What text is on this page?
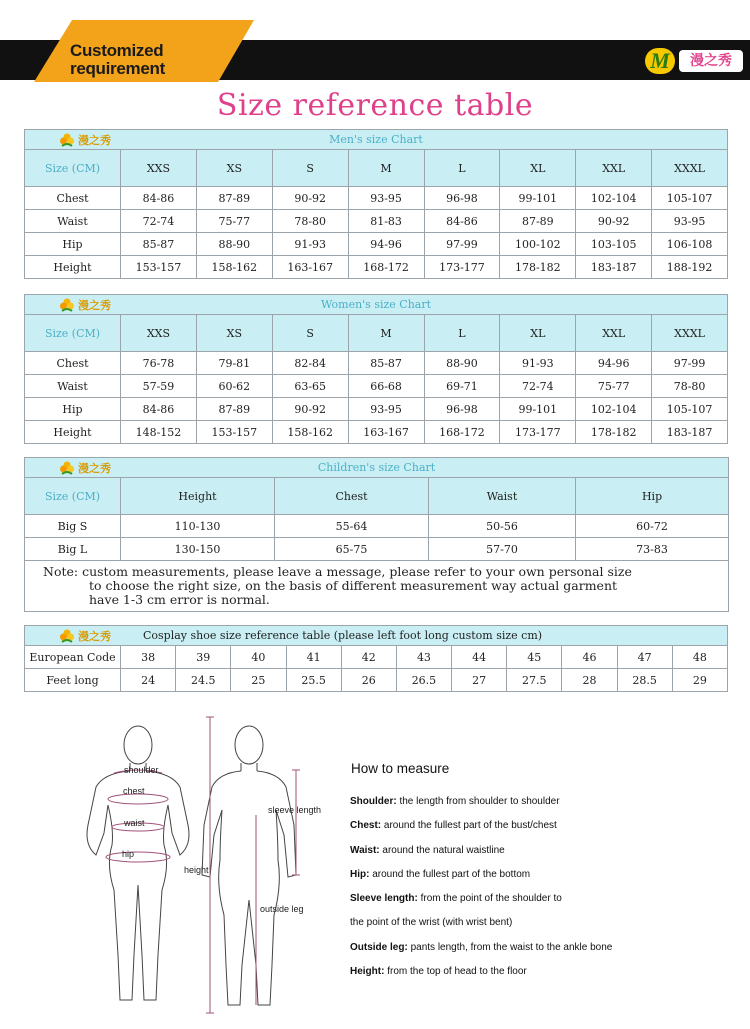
Customized
requirement	M	漫之秀
Size reference table
漫之秀 Men's size Chart								

Size (CM)	XXS	XS	S	M	L	XL	XXL	XXXL
Chest	84-86	87-89	90-92	93-95	96-98	99-101	102-104	105-107
Waist	72-74	75-77	78-80	81-83	84-86	87-89	90-92	93-95
Hip	85-87	88-90	91-93	94-96	97-99	100-102	103-105	106-108
Height	153-157	158-162	163-167	168-172	173-177	178-182	183-187	188-192
漫之秀 Women's size Chart								

Size (CM)	XXS	XS	S	M	L	XL	XXL	XXXL
Chest	76-78	79-81	82-84	85-87	88-90	91-93	94-96	97-99
Waist	57-59	60-62	63-65	66-68	69-71	72-74	75-77	78-80
Hip	84-86	87-89	90-92	93-95	96-98	99-101	102-104	105-107
Height	148-152	153-157	158-162	163-167	168-172	173-177	178-182	183-187
漫之秀 Children's size Chart				

Size (CM)	Height	Chest	Waist	Hip
Big S	110-130	55-64	50-56	60-72
Big L	130-150	65-75	57-70	73-83
Note: custom measurements, please leave a message, please refer to your own personal size
to choose the right size, on the basis of different measurement way actual garment
have 1-3 cm error is normal.				
漫之秀 Cosplay shoe size reference table (please left foot long custom size cm)											

European Code	38	39	40	41	42	43	44	45	46	47	48
Feet long	24	24.5	25	25.5	26	26.5	27	27.5	28	28.5	29
shoulder
chest
waist
hip
height
sleeve length
outside leg
How to measure
Shoulder: the length from shoulder to shoulder
Chest: around the fullest part of the bust/chest
Waist: around the natural waistline
Hip: around the fullest part of the bottom
Sleeve length: from the point of the shoulder to
the point of the wrist (with wrist bent)
Outside leg: pants length, from the waist to the ankle bone
Height: from the top of head to the floor
